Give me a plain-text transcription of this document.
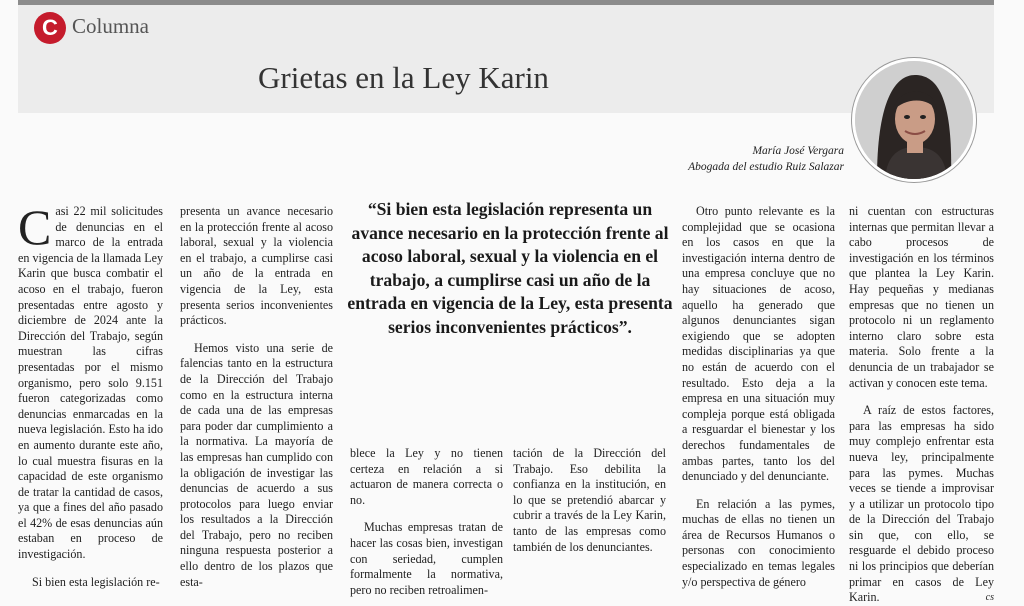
C Columna
Grietas en la Ley Karin
María José Vergara
Abogada del estudio Ruiz Salazar

Casi 22 mil solicitudes de denuncias en el marco de la entrada en vigencia de la llamada Ley Karin que busca combatir el acoso en el trabajo, fueron presentadas entre agosto y diciembre de 2024 ante la Dirección del Trabajo, según muestran las cifras presentadas por el mismo organismo, pero solo 9.151 fueron categorizadas como denuncias enmarcadas en la nueva legislación. Esto ha ido en aumento durante este año, lo cual muestra fisuras en la capacidad de este organismo de tratar la cantidad de casos, ya que a fines del año pasado el 42% de esas denuncias aún estaban en proceso de investigación.

Si bien esta legislación re-

presenta un avance necesario en la protección frente al acoso laboral, sexual y la violencia en el trabajo, a cumplirse casi un año de la entrada en vigencia de la Ley, esta presenta serios inconvenientes prácticos.

Hemos visto una serie de falencias tanto en la estructura de la Dirección del Trabajo como en la estructura interna de cada una de las empresas para poder dar cumplimiento a la normativa. La mayoría de las empresas han cumplido con la obligación de investigar las denuncias de acuerdo a sus protocolos para luego enviar los resultados a la Dirección del Trabajo, pero no reciben ninguna respuesta posterior a ello dentro de los plazos que esta-

“Si bien esta legislación representa un avance necesario en la protección frente al acoso laboral, sexual y la violencia en el trabajo, a cumplirse casi un año de la entrada en vigencia de la Ley, esta presenta serios inconvenientes prácticos”.

blece la Ley y no tienen certeza en relación a si actuaron de manera correcta o no.

Muchas empresas tratan de hacer las cosas bien, investigan con seriedad, cumplen formalmente la normativa, pero no reciben retroalimen-

tación de la Dirección del Trabajo. Eso debilita la confianza en la institución, en lo que se pretendió abarcar y cubrir a través de la Ley Karin, tanto de las empresas como también de los denunciantes.

Otro punto relevante es la complejidad que se ocasiona en los casos en que la investigación interna dentro de una empresa concluye que no hay situaciones de acoso, aquello ha generado que algunos denunciantes sigan exigiendo que se adopten medidas disciplinarias ya que no están de acuerdo con el resultado. Esto deja a la empresa en una situación muy compleja porque está obligada a resguardar el bienestar y los derechos fundamentales de ambas partes, tanto los del denunciado y del denunciante.

En relación a las pymes, muchas de ellas no tienen un área de Recursos Humanos o personas con conocimiento especializado en temas legales y/o perspectiva de género

ni cuentan con estructuras internas que permitan llevar a cabo procesos de investigación en los términos que plantea la Ley Karin. Hay pequeñas y medianas empresas que no tienen un protocolo ni un reglamento interno claro sobre esta materia. Solo frente a la denuncia de un trabajador se activan y conocen este tema.

A raíz de estos factores, para las empresas ha sido muy complejo enfrentar esta nueva ley, principalmente para las pymes. Muchas veces se tiende a improvisar y a utilizar un protocolo tipo de la Dirección del Trabajo sin que, con ello, se resguarde el debido proceso ni los principios que deberían primar en casos de Ley Karin.	cs
